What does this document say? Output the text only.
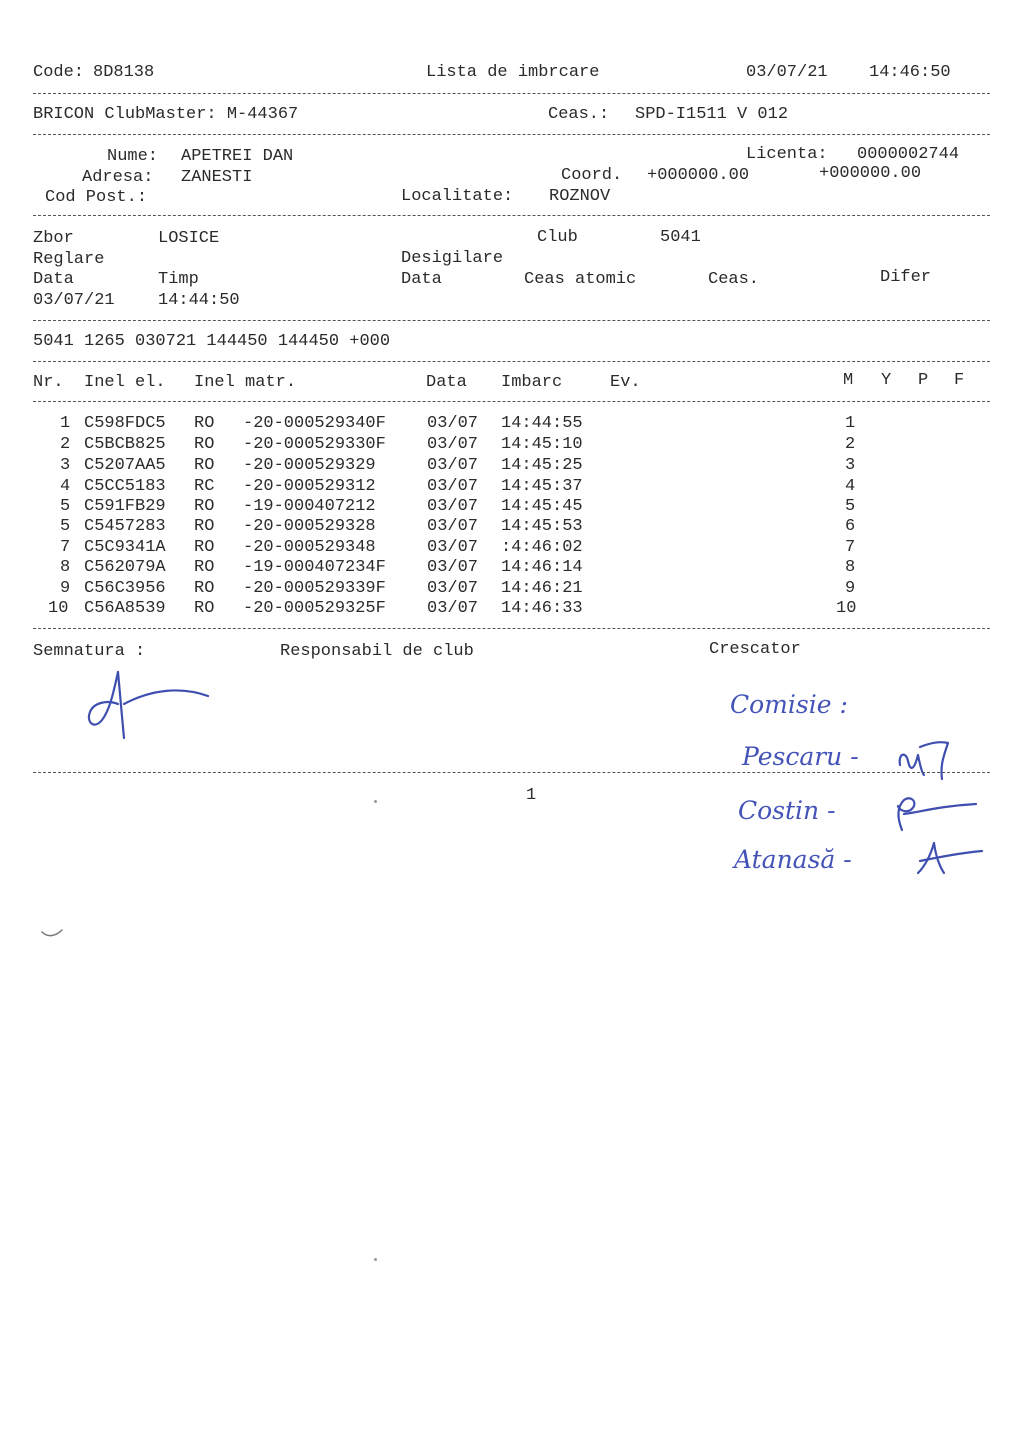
Code: 8D8138	Lista de imbrcare	03/07/21 14:46:50
BRICON ClubMaster: M-44367	Ceas.: SPD-I1511 V 012
Nume: APETREI DAN	Licenta: 0000002744
Adresa: ZANESTI	Coord. +000000.00	+000000.00
Cod Post.:	Localitate: ROZNOV
Zbor	LOSICE	Club	5041
Reglare	Desigilare
Data	Timp	Data	Ceas atomic	Ceas.	Difer
03/07/21	14:44:50
5041 1265 030721 144450 144450 +000
Nr. Inel el. Inel matr.	Data Imbarc	Ev.	M Y P F
1 C598FDC5 RO -20-000529340F 03/07 14:44:55	1
2 C5BCB825 RO -20-000529330F 03/07 14:45:10	2
3 C5207AA5 RO -20-000529329	03/07 14:45:25	3
4 C5CC5183 RC -20-000529312	03/07 14:45:37	4
5 C591FB29 RO -19-000407212	03/07 14:45:45	5
5 C5457283 RO -20-000529328	03/07 14:45:53	6
7 C5C9341A RO -20-000529348	03/07 :4:46:02	7
8 C562079A RO -19-000407234F 03/07 14:46:14	8
9 C56C3956 RO -20-000529339F 03/07 14:46:21	9
10 C56A8539 RO -20-000529325F 03/07 14:46:33	10
Semnatura :	Responsabil de club	Crescator
Comisie :
Pescaru -
1
Costin -
Atanasă -
